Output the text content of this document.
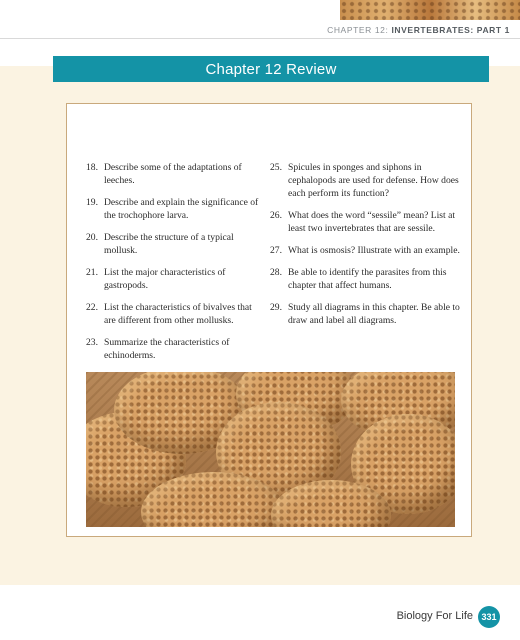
CHAPTER 12: INVERTEBRATES: PART 1
Chapter 12 Review
18. Describe some of the adaptations of leeches.
19. Describe and explain the significance of the trochophore larva.
20. Describe the structure of a typical mollusk.
21. List the major characteristics of gastropods.
22. List the characteristics of bivalves that are different from other mollusks.
23. Summarize the characteristics of echinoderms.
25. Spicules in sponges and siphons in cephalopods are used for defense. How does each perform its function?
26. What does the word “sessile” mean? List at least two invertebrates that are sessile.
27. What is osmosis? Illustrate with an example.
28. Be able to identify the parasites from this chapter that affect humans.
29. Study all diagrams in this chapter. Be able to draw and label all diagrams.
Biology For Life 331
